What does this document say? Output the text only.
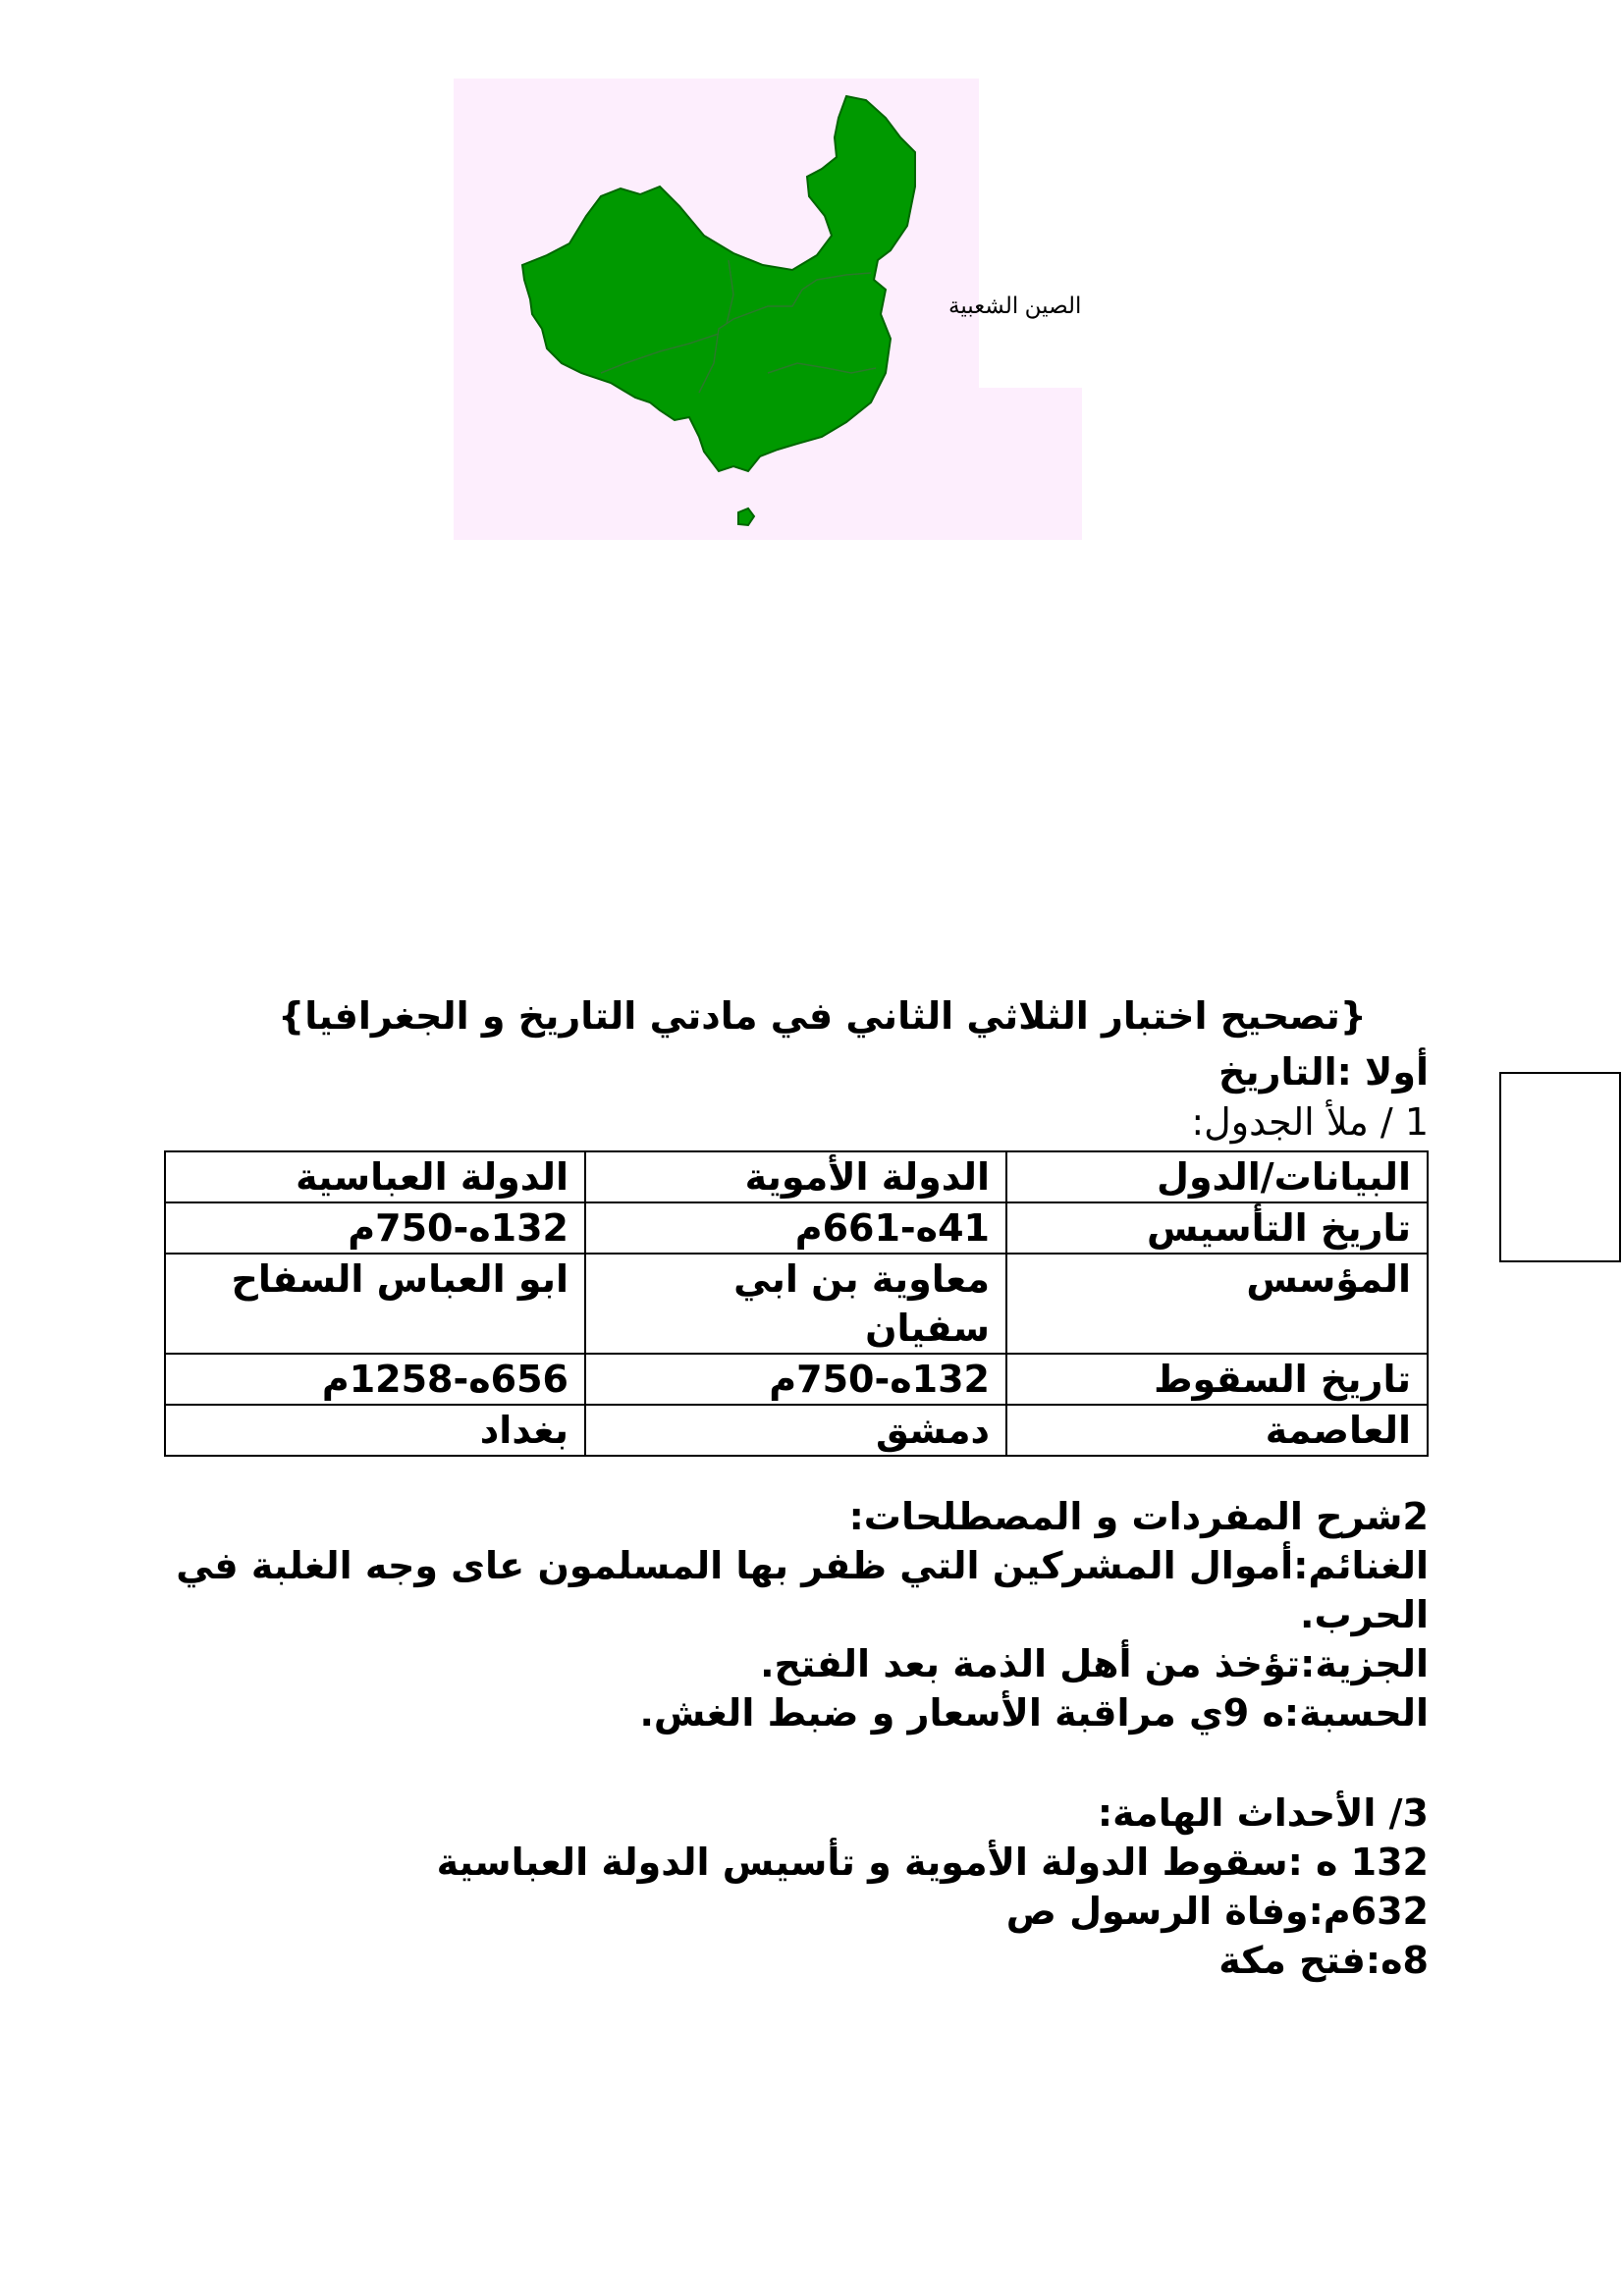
الصين الشعبية
{تصحيح اختبار الثلاثي الثاني في مادتي التاريخ و الجغرافيا}
أولا :التاريخ
1 / ملأ الجدول:
البيانات/الدول	الدولة الأموية	الدولة العباسية
تاريخ التأسيس	41ه-661م	132ه-750م
المؤسس	معاوية بن ابي سفيان	ابو العباس السفاح
تاريخ السقوط	132ه-750م	656ه-1258م
العاصمة	دمشق	بغداد
2شرح المفردات و المصطلحات:
الغنائم:أموال المشركين التي ظفر بها المسلمون عاى وجه الغلبة في الحرب.
الجزية:تؤخذ من أهل الذمة بعد الفتح.
الحسبة:ه 9ي مراقبة الأسعار و ضبط الغش.
3/ الأحداث الهامة:
132 ه :سقوط الدولة الأموية و تأسيس الدولة العباسية
632م:وفاة الرسول ص
8ه:فتح مكة
